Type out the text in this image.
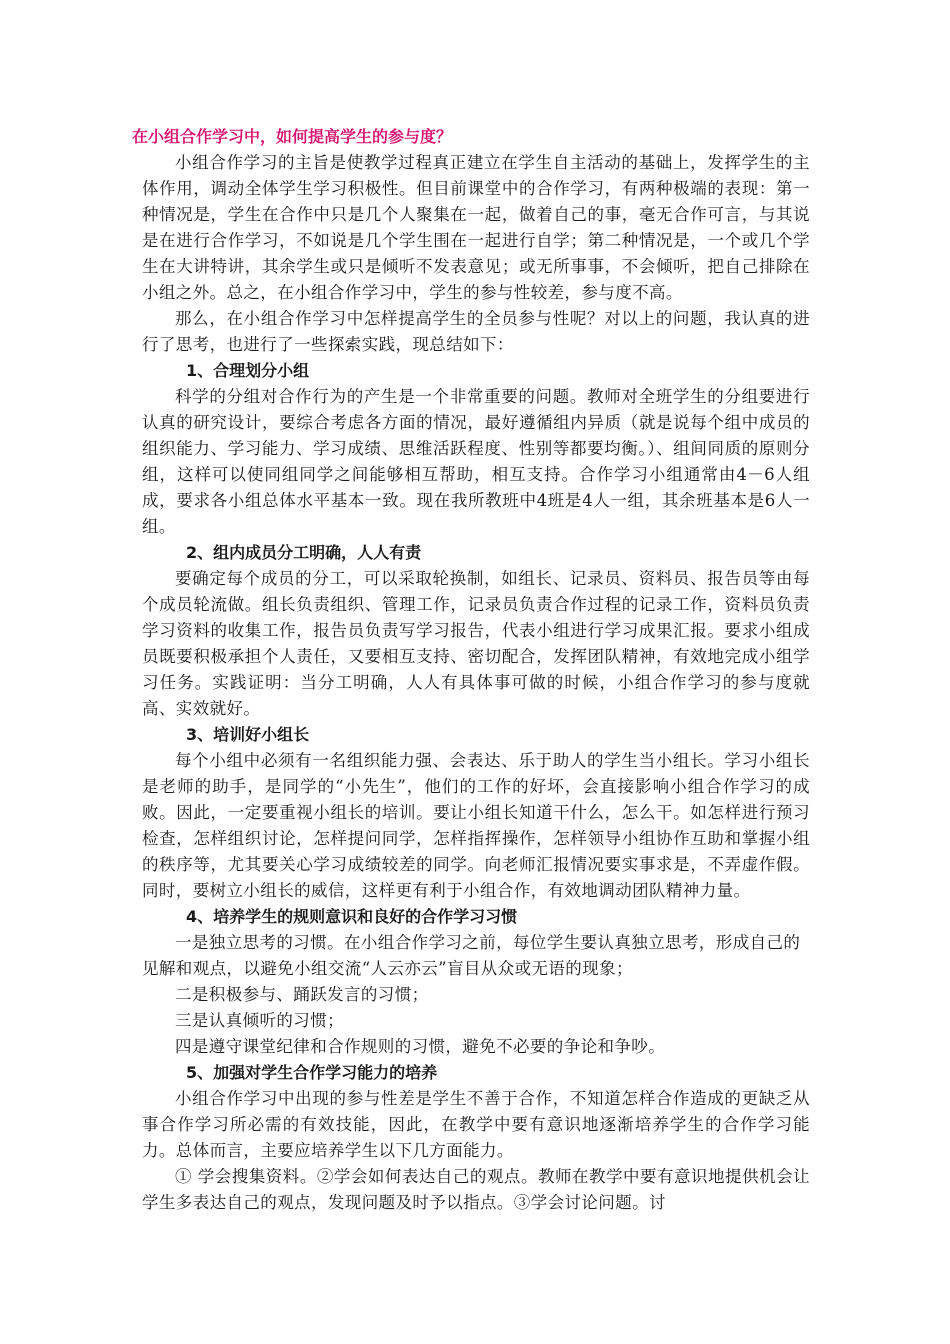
在小组合作学习中，如何提高学生的参与度？

小组合作学习的主旨是使教学过程真正建立在学生自主活动的基础上，发挥学生的主体作用，调动全体学生学习积极性。但目前课堂中的合作学习，有两种极端的表现：第一种情况是，学生在合作中只是几个人聚集在一起，做着自己的事，毫无合作可言，与其说是在进行合作学习，不如说是几个学生围在一起进行自学；第二种情况是，一个或几个学生在大讲特讲，其余学生或只是倾听不发表意见；或无所事事，不会倾听，把自己排除在小组之外。总之，在小组合作学习中，学生的参与性较差，参与度不高。

那么，在小组合作学习中怎样提高学生的全员参与性呢？对以上的问题，我认真的进行了思考，也进行了一些探索实践，现总结如下：

1、合理划分小组

科学的分组对合作行为的产生是一个非常重要的问题。教师对全班学生的分组要进行认真的研究设计，要综合考虑各方面的情况，最好遵循组内异质（就是说每个组中成员的组织能力、学习能力、学习成绩、思维活跃程度、性别等都要均衡。）、组间同质的原则分组，这样可以使同组同学之间能够相互帮助，相互支持。合作学习小组通常由4－6人组成，要求各小组总体水平基本一致。现在我所教班中4班是4人一组，其余班基本是6人一组。

2、组内成员分工明确，人人有责

要确定每个成员的分工，可以采取轮换制，如组长、记录员、资料员、报告员等由每个成员轮流做。组长负责组织、管理工作，记录员负责合作过程的记录工作，资料员负责学习资料的收集工作，报告员负责写学习报告，代表小组进行学习成果汇报。要求小组成员既要积极承担个人责任，又要相互支持、密切配合，发挥团队精神，有效地完成小组学习任务。实践证明：当分工明确，人人有具体事可做的时候，小组合作学习的参与度就高、实效就好。

3、培训好小组长

每个小组中必须有一名组织能力强、会表达、乐于助人的学生当小组长。学习小组长是老师的助手，是同学的“小先生”，他们的工作的好坏，会直接影响小组合作学习的成败。因此，一定要重视小组长的培训。要让小组长知道干什么，怎么干。如怎样进行预习检查，怎样组织讨论，怎样提问同学，怎样指挥操作，怎样领导小组协作互助和掌握小组的秩序等，尤其要关心学习成绩较差的同学。向老师汇报情况要实事求是，不弄虚作假。同时，要树立小组长的威信，这样更有利于小组合作，有效地调动团队精神力量。

4、培养学生的规则意识和良好的合作学习习惯

一是独立思考的习惯。在小组合作学习之前，每位学生要认真独立思考，形成自己的见解和观点，以避免小组交流“人云亦云”盲目从众或无语的现象；

二是积极参与、踊跃发言的习惯；

三是认真倾听的习惯；

四是遵守课堂纪律和合作规则的习惯，避免不必要的争论和争吵。

5、加强对学生合作学习能力的培养

小组合作学习中出现的参与性差是学生不善于合作，不知道怎样合作造成的更缺乏从事合作学习所必需的有效技能，因此，在教学中要有意识地逐渐培养学生的合作学习能力。总体而言，主要应培养学生以下几方面能力。

① 学会搜集资料。②学会如何表达自己的观点。教师在教学中要有意识地提供机会让学生多表达自己的观点，发现问题及时予以指点。③学会讨论问题。讨
